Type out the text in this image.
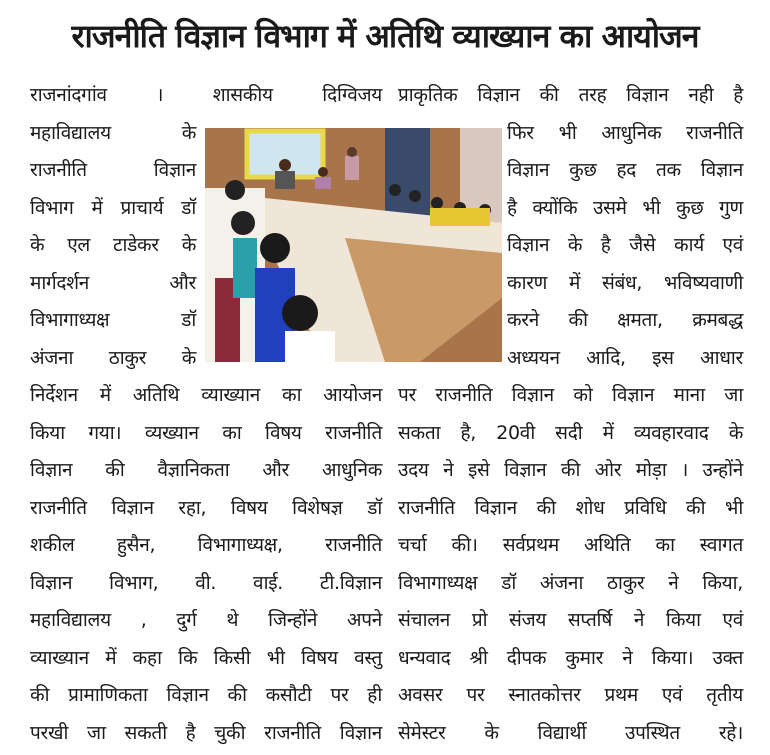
राजनीति विज्ञान विभाग में अतिथि व्याख्यान का आयोजन
राजनांदगांव । शासकीय दिग्विजय
महाविद्यालय के
राजनीति विज्ञान
विभाग में प्राचार्य डॉ
के एल टाडेकर के
मार्गदर्शन और
विभागाध्यक्ष डॉ
अंजना ठाकुर के
निर्देशन में अतिथि व्याख्यान का आयोजन
किया गया। व्यख्यान का विषय राजनीति
विज्ञान की वैज्ञानिकता और आधुनिक
राजनीति विज्ञान रहा, विषय विशेषज्ञ डॉ
शकील हुसैन, विभागाध्यक्ष, राजनीति
विज्ञान विभाग, वी. वाई. टी.विज्ञान
महाविद्यालय , दुर्ग थे जिन्होंने अपने
व्याख्यान में कहा कि किसी भी विषय वस्तु
की प्रामाणिकता विज्ञान की कसौटी पर ही
परखी जा सकती है चुकी राजनीति विज्ञान
प्राकृतिक विज्ञान की तरह विज्ञान नही है
फिर भी आधुनिक राजनीति
विज्ञान कुछ हद तक विज्ञान
है क्योंकि उसमे भी कुछ गुण
विज्ञान के है जैसे कार्य एवं
कारण में संबंध, भविष्यवाणी
करने की क्षमता, क्रमबद्ध
अध्ययन आदि, इस आधार
पर राजनीति विज्ञान को विज्ञान माना जा
सकता है, 20वी सदी में व्यवहारवाद के
उदय ने इसे विज्ञान की ओर मोड़ा । उन्होंने
राजनीति विज्ञान की शोध प्रविधि की भी
चर्चा की। सर्वप्रथम अथिति का स्वागत
विभागाध्यक्ष डॉ अंजना ठाकुर ने किया,
संचालन प्रो संजय सप्तर्षि ने किया एवं
धन्यवाद श्री दीपक कुमार ने किया। उक्त
अवसर पर स्नातकोत्तर प्रथम एवं तृतीय
सेमेस्टर के विद्यार्थी उपस्थित रहे।
